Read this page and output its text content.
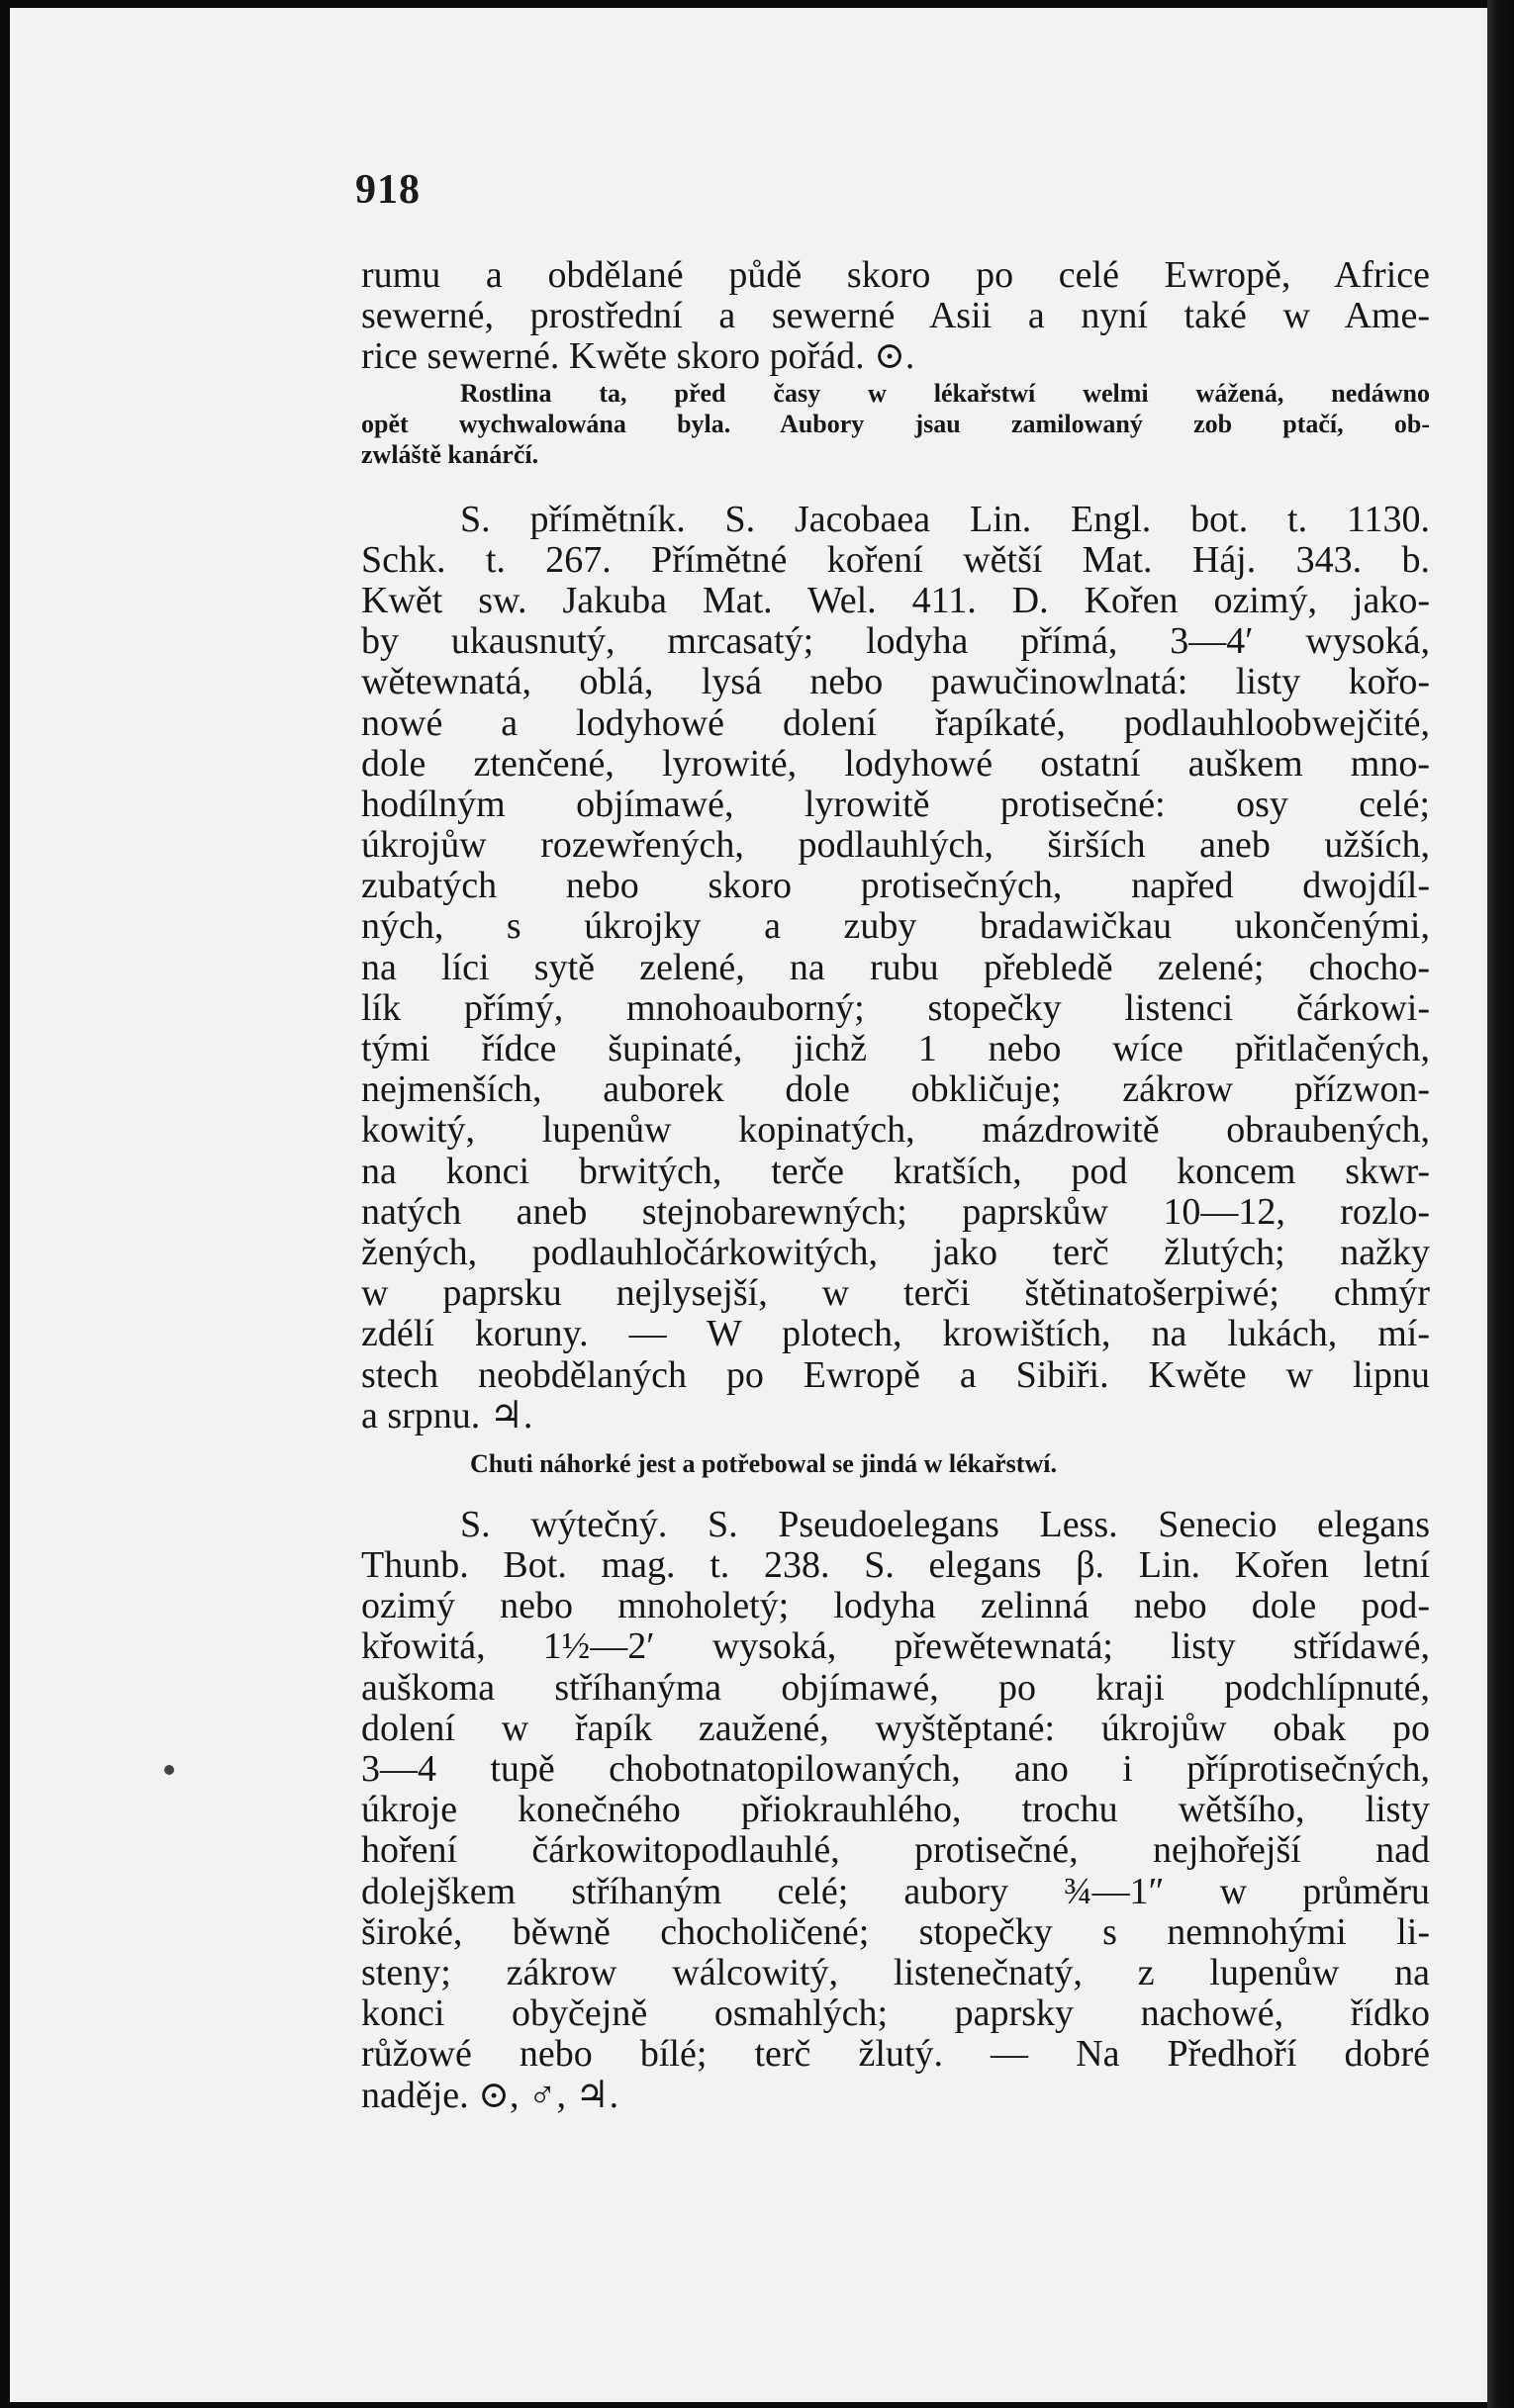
918
rumu a obdělané půdě skoro po celé Ewropě, Africe
sewerné, prostřední a sewerné Asii a nyní také w Ame-
rice sewerné. Kwěte skoro pořád. ⊙.
Rostlina ta, před časy w lékařstwí welmi wážená, nedáwno
opět wychwalowána byla. Aubory jsau zamilowaný zob ptačí, ob-
zwláště kanárčí.
S. přímětník. S. Jacobaea Lin. Engl. bot. t. 1130.
Schk. t. 267. Přímětné koření wětší Mat. Háj. 343. b.
Kwět sw. Jakuba Mat. Wel. 411. D. Kořen ozimý, jako-
by ukausnutý, mrcasatý; lodyha přímá, 3—4′ wysoká,
wětewnatá, oblá, lysá nebo pawučinowlnatá: listy kořo-
nowé a lodyhowé dolení řapíkaté, podlauhloobwejčité,
dole ztenčené, lyrowité, lodyhowé ostatní auškem mno-
hodílným objímawé, lyrowitě protisečné: osy celé;
úkrojůw rozewřených, podlauhlých, širších aneb užších,
zubatých nebo skoro protisečných, napřed dwojdíl-
ných, s úkrojky a zuby bradawičkau ukončenými,
na líci sytě zelené, na rubu přebledě zelené; chocho-
lík přímý, mnohoauborný; stopečky listenci čárkowi-
tými řídce šupinaté, jichž 1 nebo wíce přitlačených,
nejmenších, auborek dole obkličuje; zákrow přízwon-
kowitý, lupenůw kopinatých, mázdrowitě obraubených,
na konci brwitých, terče kratších, pod koncem skwr-
natých aneb stejnobarewných; paprskůw 10—12, rozlo-
žených, podlauhločárkowitých, jako terč žlutých; nažky
w paprsku nejlysejší, w terči štětinatošerpiwé; chmýr
zdélí koruny. — W plotech, krowištích, na lukách, mí-
stech neobdělaných po Ewropě a Sibiři. Kwěte w lipnu
a srpnu. ♃.
Chuti náhorké jest a potřebowal se jindá w lékařstwí.
S. wýtečný. S. Pseudoelegans Less. Senecio elegans
Thunb. Bot. mag. t. 238. S. elegans β. Lin. Kořen letní
ozimý nebo mnoholetý; lodyha zelinná nebo dole pod-
křowitá, 1½—2′ wysoká, přewětewnatá; listy střídawé,
auškoma stříhanýma objímawé, po kraji podchlípnuté,
dolení w řapík zaužené, wyštěptané: úkrojůw obak po
3—4 tupě chobotnatopilowaných, ano i příprotisečných,
úkroje konečného přiokrauhlého, trochu wětšího, listy
hoření čárkowitopodlauhlé, protisečné, nejhořejší nad
dolejškem stříhaným celé; aubory ¾—1″ w průměru
široké, běwně chocholičené; stopečky s nemnohými li-
steny; zákrow wálcowitý, listenečnatý, z lupenůw na
konci obyčejně osmahlých; paprsky nachowé, řídko
růžowé nebo bílé; terč žlutý. — Na Předhoří dobré
naděje. ⊙, ♂, ♃.
